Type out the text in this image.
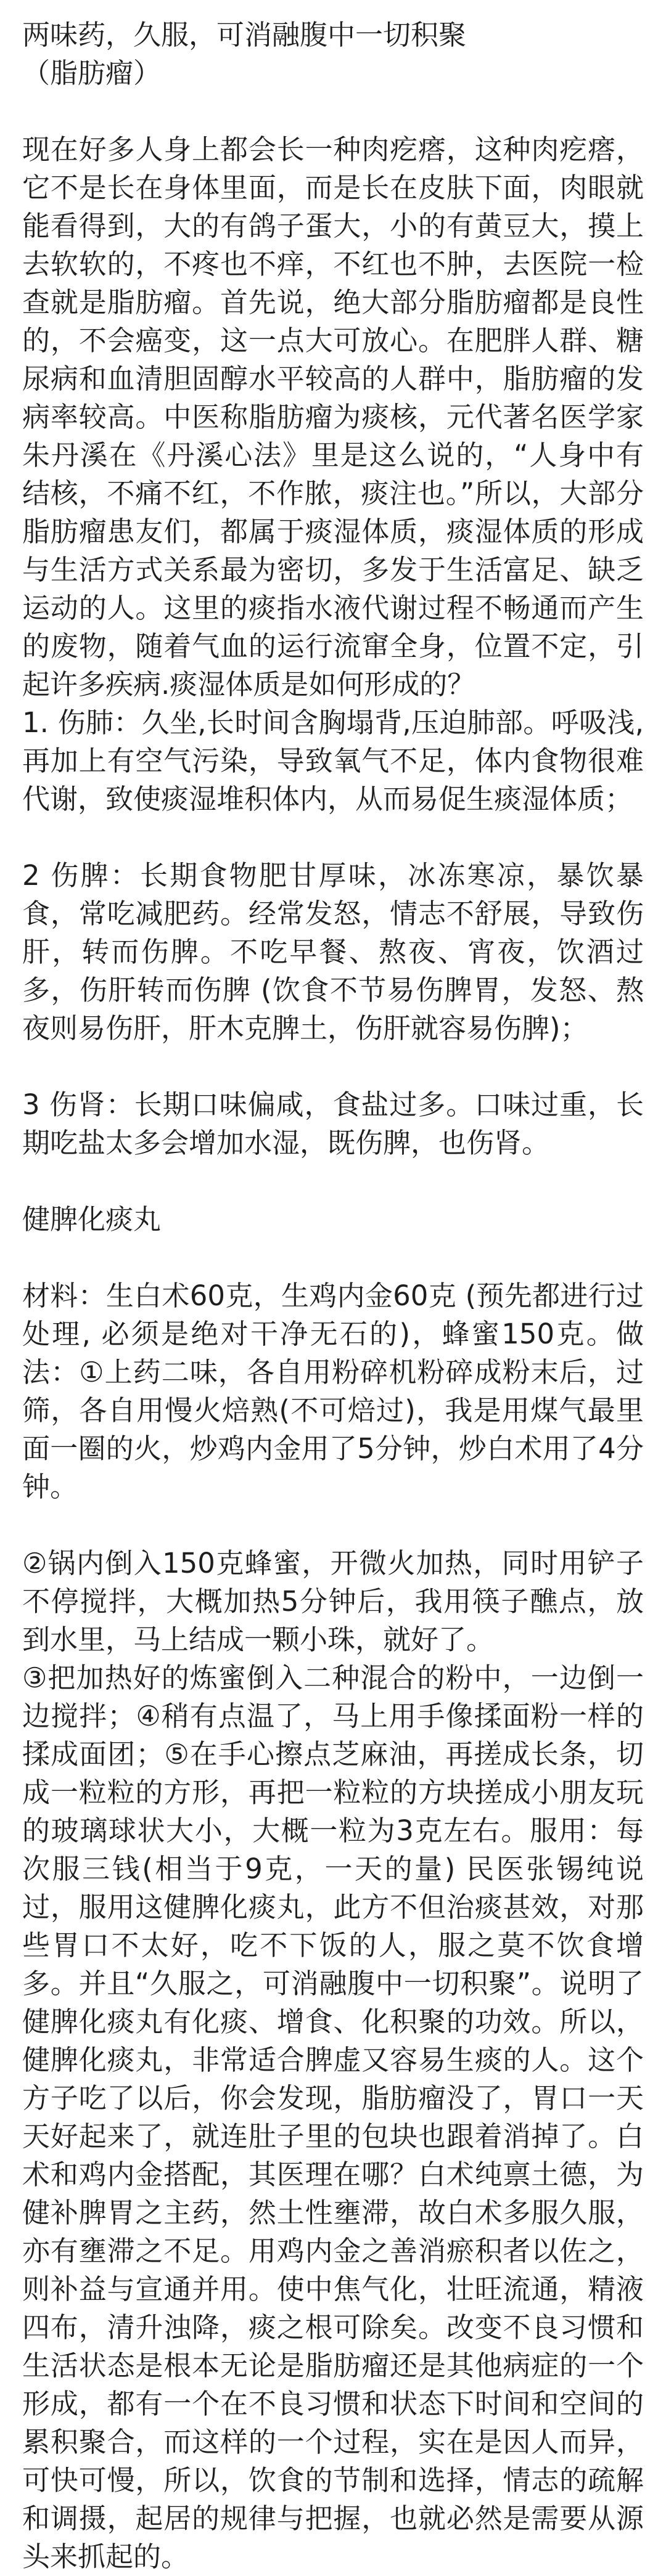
两味药，久服，可消融腹中一切积聚

（脂肪瘤）

现在好多人身上都会长一种肉疙瘩，这种肉疙瘩，它不是长在身体里面，而是长在皮肤下面，肉眼就能看得到，大的有鸽子蛋大，小的有黄豆大，摸上去软软的，不疼也不痒，不红也不肿，去医院一检查就是脂肪瘤。首先说，绝大部分脂肪瘤都是良性的，不会癌变，这一点大可放心。在肥胖人群、糖尿病和血清胆固醇水平较高的人群中，脂肪瘤的发病率较高。中医称脂肪瘤为痰核，元代著名医学家朱丹溪在《丹溪心法》里是这么说的，“人身中有结核，不痛不红，不作脓，痰注也。”所以，大部分脂肪瘤患友们，都属于痰湿体质，痰湿体质的形成与生活方式关系最为密切，多发于生活富足、缺乏运动的人。这里的痰指水液代谢过程不畅通而产生的废物，随着气血的运行流窜全身，位置不定，引起许多疾病.痰湿体质是如何形成的？

1. 伤肺：久坐,长时间含胸塌背,压迫肺部。呼吸浅,再加上有空气污染，导致氧气不足，体内食物很难代谢，致使痰湿堆积体内，从而易促生痰湿体质；

2 伤脾：长期食物肥甘厚味，冰冻寒凉，暴饮暴食，常吃减肥药。经常发怒，情志不舒展，导致伤肝，转而伤脾。不吃早餐、熬夜、宵夜，饮酒过多，伤肝转而伤脾 (饮食不节易伤脾胃，发怒、熬夜则易伤肝，肝木克脾土，伤肝就容易伤脾)；

3 伤肾：长期口味偏咸，食盐过多。口味过重，长期吃盐太多会增加水湿，既伤脾，也伤肾。

健脾化痰丸

材料：生白术60克，生鸡内金60克 (预先都进行过处理, 必须是绝对干净无石的)，蜂蜜150克。做法：①上药二味，各自用粉碎机粉碎成粉末后，过筛，各自用慢火焙熟(不可焙过)，我是用煤气最里面一圈的火，炒鸡内金用了5分钟，炒白术用了4分钟。

②锅内倒入150克蜂蜜，开微火加热，同时用铲子不停搅拌，大概加热5分钟后，我用筷子醮点，放到水里，马上结成一颗小珠，就好了。
③把加热好的炼蜜倒入二种混合的粉中，一边倒一边搅拌；④稍有点温了，马上用手像揉面粉一样的揉成面团；⑤在手心擦点芝麻油，再搓成长条，切成一粒粒的方形，再把一粒粒的方块搓成小朋友玩的玻璃球状大小，大概一粒为3克左右。服用：每次服三钱(相当于9克，一天的量) 民医张锡纯说过，服用这健脾化痰丸，此方不但治痰甚效，对那些胃口不太好，吃不下饭的人，服之莫不饮食增多。并且“久服之，可消融腹中一切积聚”。说明了健脾化痰丸有化痰、增食、化积聚的功效。所以，健脾化痰丸，非常适合脾虚又容易生痰的人。这个方子吃了以后，你会发现，脂肪瘤没了，胃口一天天好起来了，就连肚子里的包块也跟着消掉了。白术和鸡内金搭配，其医理在哪？白术纯禀土德，为健补脾胃之主药，然土性壅滞，故白术多服久服，亦有壅滞之不足。用鸡内金之善消瘀积者以佐之，则补益与宣通并用。使中焦气化，壮旺流通，精液四布，清升浊降，痰之根可除矣。改变不良习惯和生活状态是根本无论是脂肪瘤还是其他病症的一个形成，都有一个在不良习惯和状态下时间和空间的累积聚合，而这样的一个过程，实在是因人而异，可快可慢，所以，饮食的节制和选择，情志的疏解和调摄，起居的规律与把握，也就必然是需要从源头来抓起的。
